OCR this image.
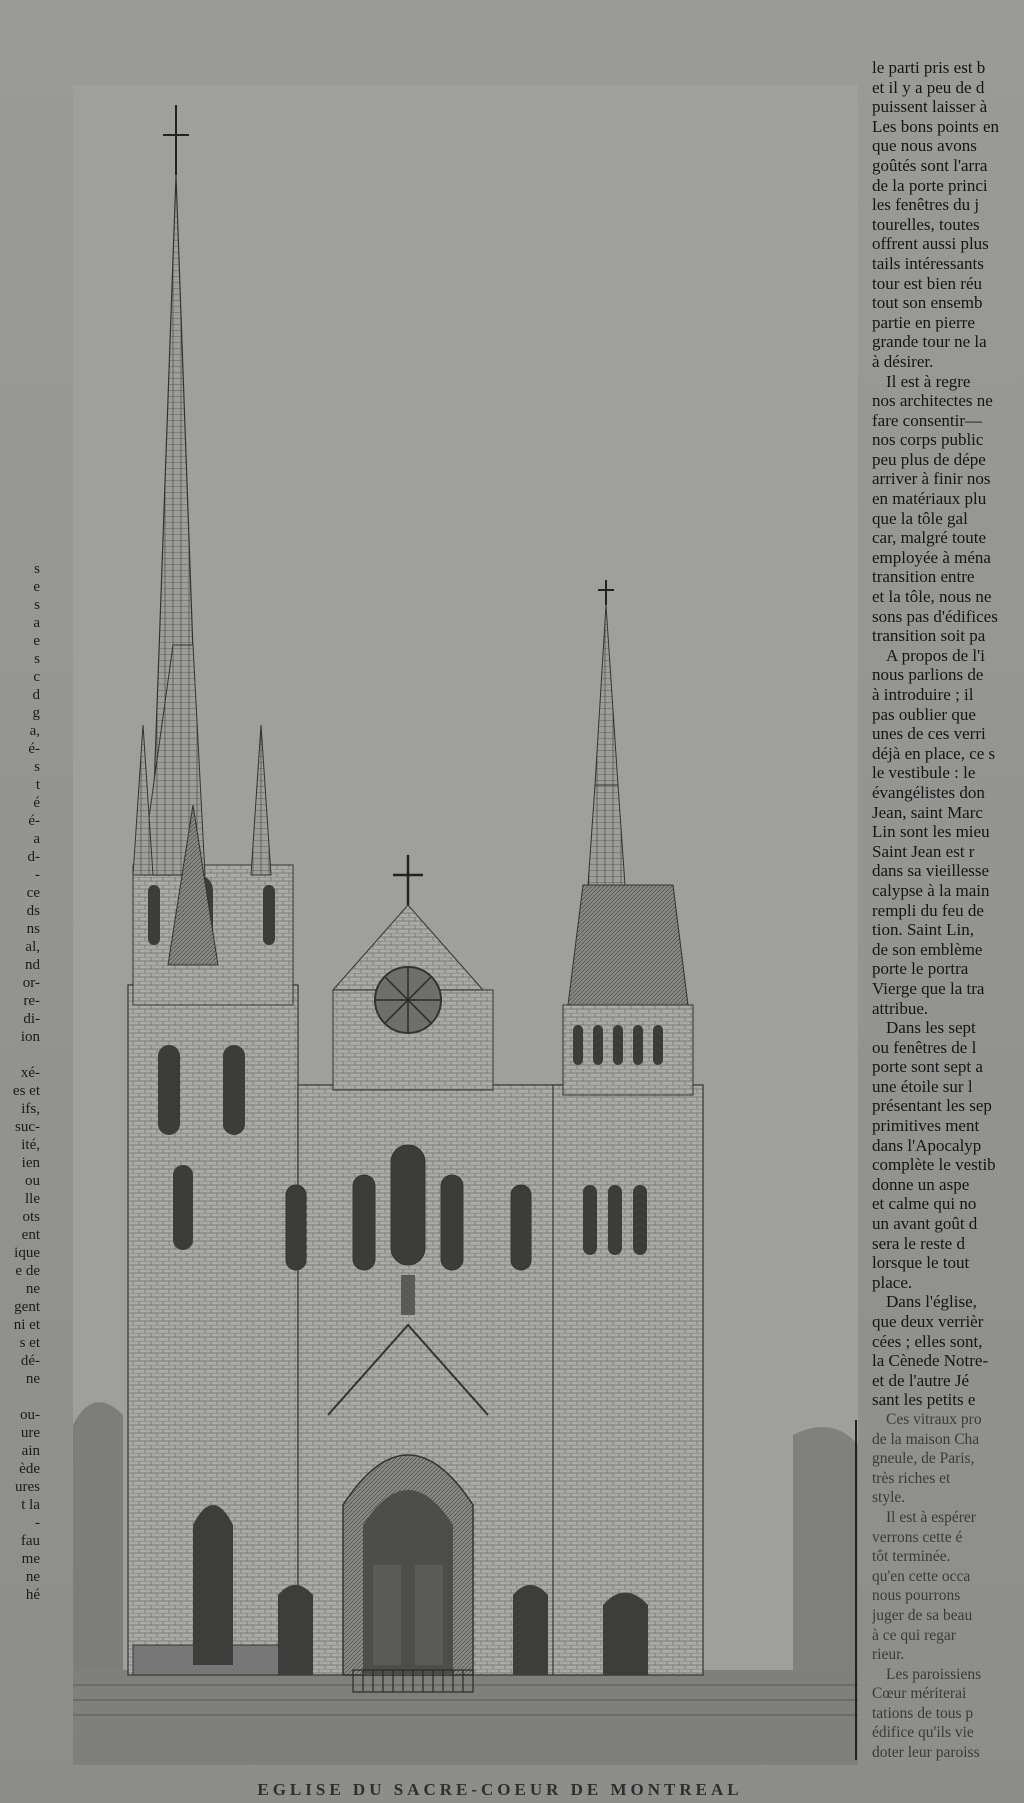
s
e
s
a
e
s
c
d
g
a,
é-
s
t
é
é-
a
d-
-
ce
ds
ns
al,
nd
or-
re-
di-
ion

xé-
es et
ifs,
suc-
ité,
ien
ou
lle
ots
ent
ique
e de
ne
gent
ni et
s et
dé-
ne

ou-
ure
ain
ède
ures
t la
-
fau
me
ne
hé
EGLISE DU SACRE-COEUR DE MONTREAL

le parti pris est b

et il y a peu de d

puissent laisser à

Les bons points en

que nous avons

goûtés sont l'arra

de la porte princi

les fenêtres du j

tourelles, toutes

offrent aussi plus

tails intéressants

tour est bien réu

tout son ensemb

partie en pierre

grande tour ne la

à désirer.

Il est à regre

nos architectes ne

fare consentir—

nos corps public

peu plus de dépe

arriver à finir nos

en matériaux plu

que la tôle gal

car, malgré toute

employée à ména

transition entre

et la tôle, nous ne

sons pas d'édifices

transition soit pa

A propos de l'i

nous parlions de

à introduire ; il

pas oublier que

unes de ces verri

déjà en place, ce s

le vestibule : le

évangélistes don

Jean, saint Marc

Lin sont les mieu

Saint Jean est r

dans sa vieillesse

calypse à la main

rempli du feu de

tion. Saint Lin,

de son emblème

porte le portra

Vierge que la tra

attribue.

Dans les sept

ou fenêtres de l

porte sont sept a

une étoile sur l

présentant les sep

primitives ment

dans l'Apocalyp

complète le vestib

donne un aspe

et calme qui no

un avant goût d

sera le reste d

lorsque le tout

place.

Dans l'église,

que deux verrièr

cées ; elles sont,

la Cènede Notre-

et de l'autre Jé

sant les petits e

Ces vitraux pro

de la maison Cha

gneule, de Paris,

très riches et

style.

Il est à espérer

verrons cette é

tôt terminée.

qu'en cette occa

nous pourrons

juger de sa beau

à ce qui regar

rieur.

Les paroissiens

Cœur mériterai

tations de tous p

édifice qu'ils vie

doter leur paroiss
